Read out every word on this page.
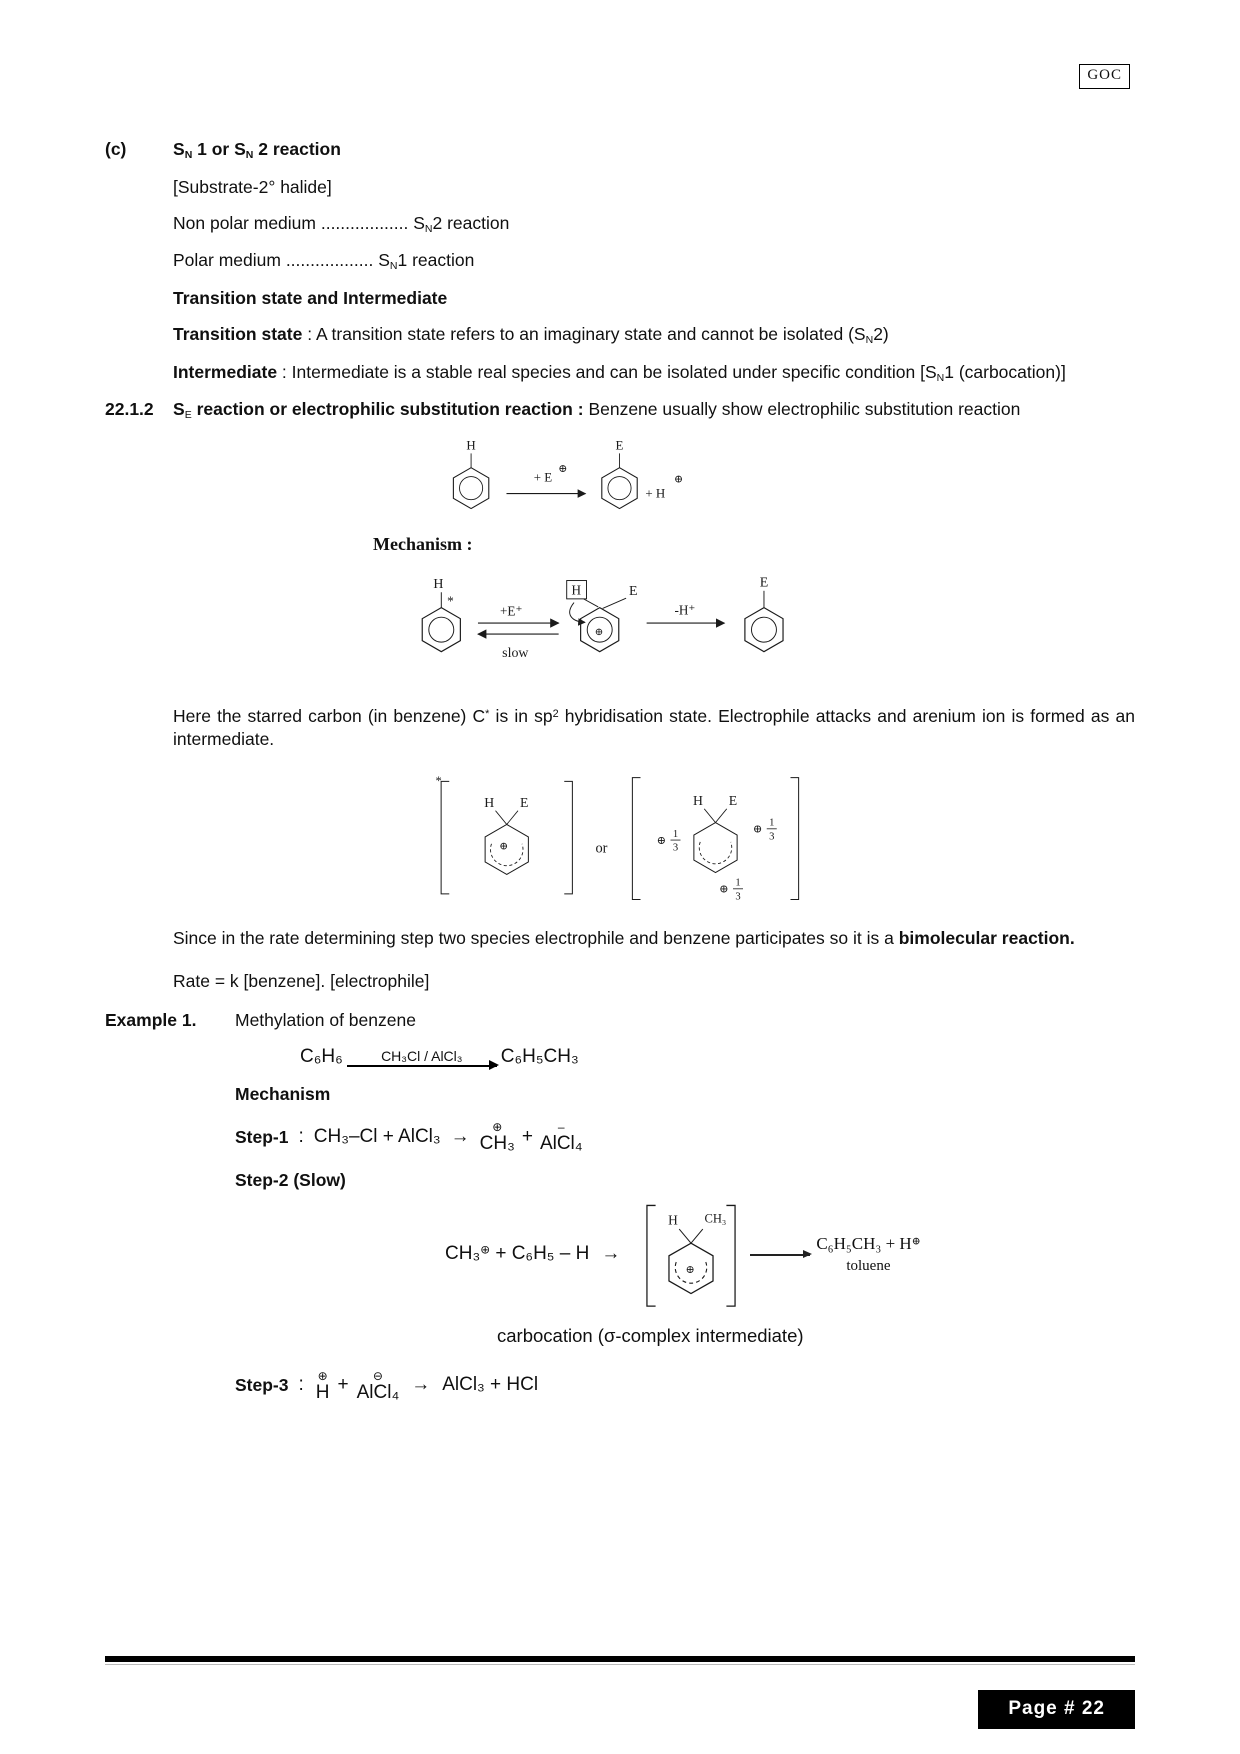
GOC
(c)	$S_N$ 1 or $S_N$ 2 reaction

[Substrate-2° halide]

Non polar medium .................. $S_N2$ reaction

Polar medium .................. $S_N1$ reaction

Transition state and Intermediate

Transition state : A transition state refers to an imaginary state and cannot be isolated $(S_N2)$

Intermediate : Intermediate is a stable real species and can be isolated under specific condition [$S_N1$ (carbocation)]

22.1.2	$S_E$ reaction or electrophilic substitution reaction : Benzene usually show electrophilic substitution reaction

H
+ E
⊕
E
+ H
⊕
Mechanism :
H
*
+E⁺
slow
⊕
H	E
-H⁺
E

Here the starred carbon (in benzene) C* is in $sp^2$ hybridisation state. Electrophile attacks and arenium ion is formed as an intermediate.

*
H E
⊕	or
H E
⊕
1
3
⊕
1
3
⊕
1
3

Since in the rate determining step two species electrophile and benzene participates so it is a bimolecular reaction.

Rate = k [benzene]. [electrophile]

Example 1.	Methylation of benzene

C₆H₆	CH₃Cl / AlCl₃ C₆H₅CH₃

Mechanism

Step-1 : CH₃–Cl + AlCl₃ → ⊕
CH₃ + –
AlCl₄

Step-2 (Slow)

CH₃⊕ + C₆H₅ – H →
H CH₃
⊕
C₆H₅CH₃ + H⊕
toluene

carbocation (σ-complex intermediate)

Step-3 : ⊕
H + ⊖
AlCl₄ → AlCl₃ + HCl
Page # 22
